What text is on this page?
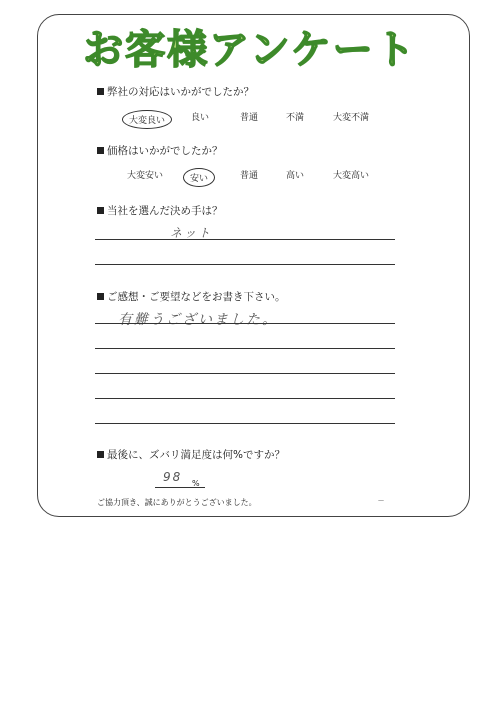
お客様アンケート
弊社の対応はいかがでしたか？
大変良い	良い	普通	不満	大変不満
価格はいかがでしたか？
大変安い	安い	普通	高い	大変高い
当社を選んだ決め手は？
ネット
ご感想・ご要望などをお書き下さい。
有難うございました。
最後に、ズバリ満足度は何%ですか？
98 %
ご協力頂き、誠にありがとうございました。	—
